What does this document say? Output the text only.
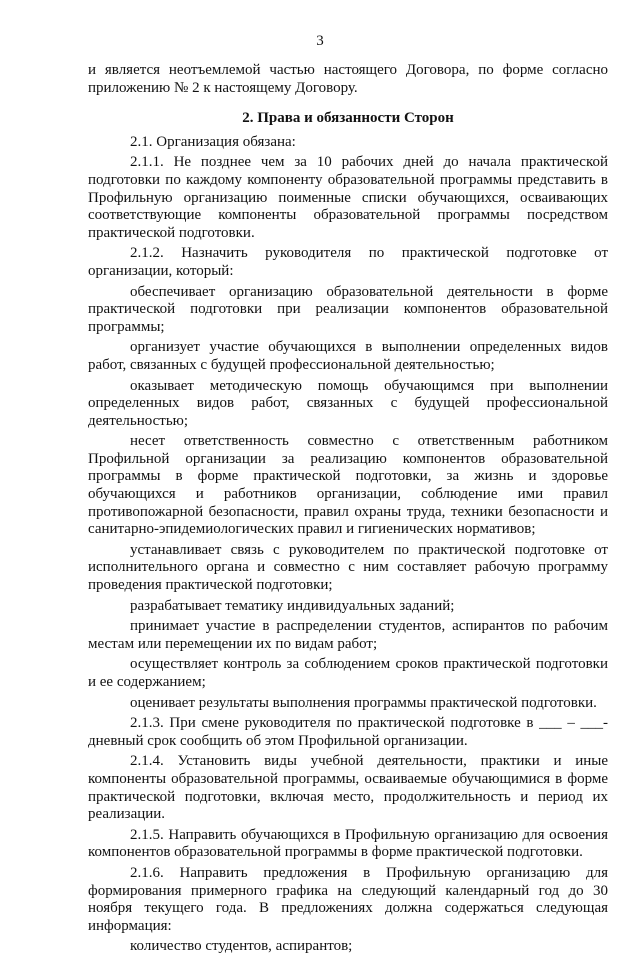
3

и является неотъемлемой частью настоящего Договора, по форме согласно приложению № 2 к настоящему Договору.

2. Права и обязанности Сторон

2.1. Организация обязана:

2.1.1. Не позднее чем за 10 рабочих дней до начала практической подготовки по каждому компоненту образовательной программы представить в Профильную организацию поименные списки обучающихся, осваивающих соответствующие компоненты образовательной программы посредством практической подготовки.

2.1.2. Назначить руководителя по практической подготовке от организации, который:

обеспечивает организацию образовательной деятельности в форме практической подготовки при реализации компонентов образовательной программы;

организует участие обучающихся в выполнении определенных видов работ, связанных с будущей профессиональной деятельностью;

оказывает методическую помощь обучающимся при выполнении определенных видов работ, связанных с будущей профессиональной деятельностью;

несет ответственность совместно с ответственным работником Профильной организации за реализацию компонентов образовательной программы в форме практической подготовки, за жизнь и здоровье обучающихся и работников организации, соблюдение ими правил противопожарной безопасности, правил охраны труда, техники безопасности и санитарно-эпидемиологических правил и гигиенических нормативов;

устанавливает связь с руководителем по практической подготовке от исполнительного органа и совместно с ним составляет рабочую программу проведения практической подготовки;

разрабатывает тематику индивидуальных заданий;

принимает участие в распределении студентов, аспирантов по рабочим местам или перемещении их по видам работ;

осуществляет контроль за соблюдением сроков практической подготовки и ее содержанием;

оценивает результаты выполнения программы практической подготовки.

2.1.3. При смене руководителя по практической подготовке в ___ – ___-дневный срок сообщить об этом Профильной организации.

2.1.4. Установить виды учебной деятельности, практики и иные компоненты образовательной программы, осваиваемые обучающимися в форме практической подготовки, включая место, продолжительность и период их реализации.

2.1.5. Направить обучающихся в Профильную организацию для освоения компонентов образовательной программы в форме практической подготовки.

2.1.6. Направить предложения в Профильную организацию для формирования примерного графика на следующий календарный год до 30 ноября текущего года. В предложениях должна содержаться следующая информация:

количество студентов, аспирантов;
